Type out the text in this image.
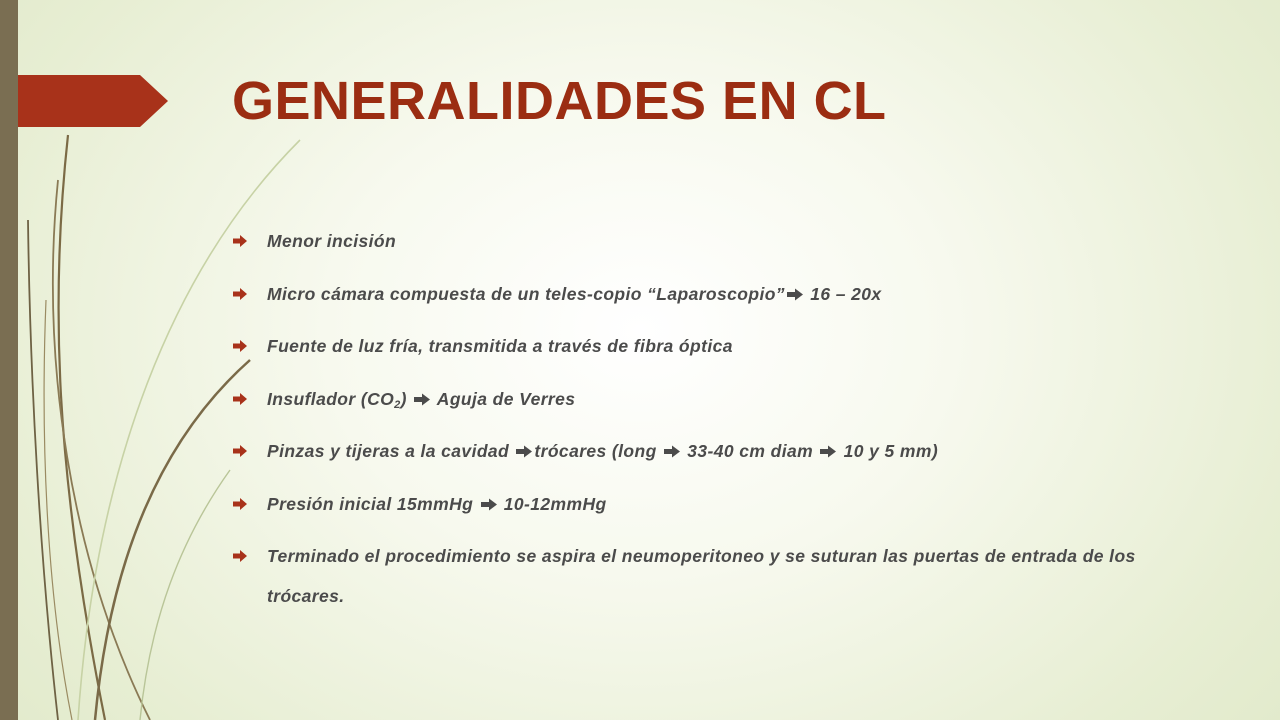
GENERALIDADES EN CL
Menor incisión
Micro cámara compuesta de un teles-copio “Laparoscopio” 16 – 20x
Fuente de luz fría, transmitida a través de fibra óptica
Insuflador $(CO_2)$  Aguja de Verres
Pinzas y tijeras a la cavidad trócares (long  33-40 cm diam  10 y 5 mm)
Presión inicial 15mmHg  10-12mmHg
Terminado el procedimiento se aspira el neumoperitoneo y se suturan las puertas de entrada de los trócares.
